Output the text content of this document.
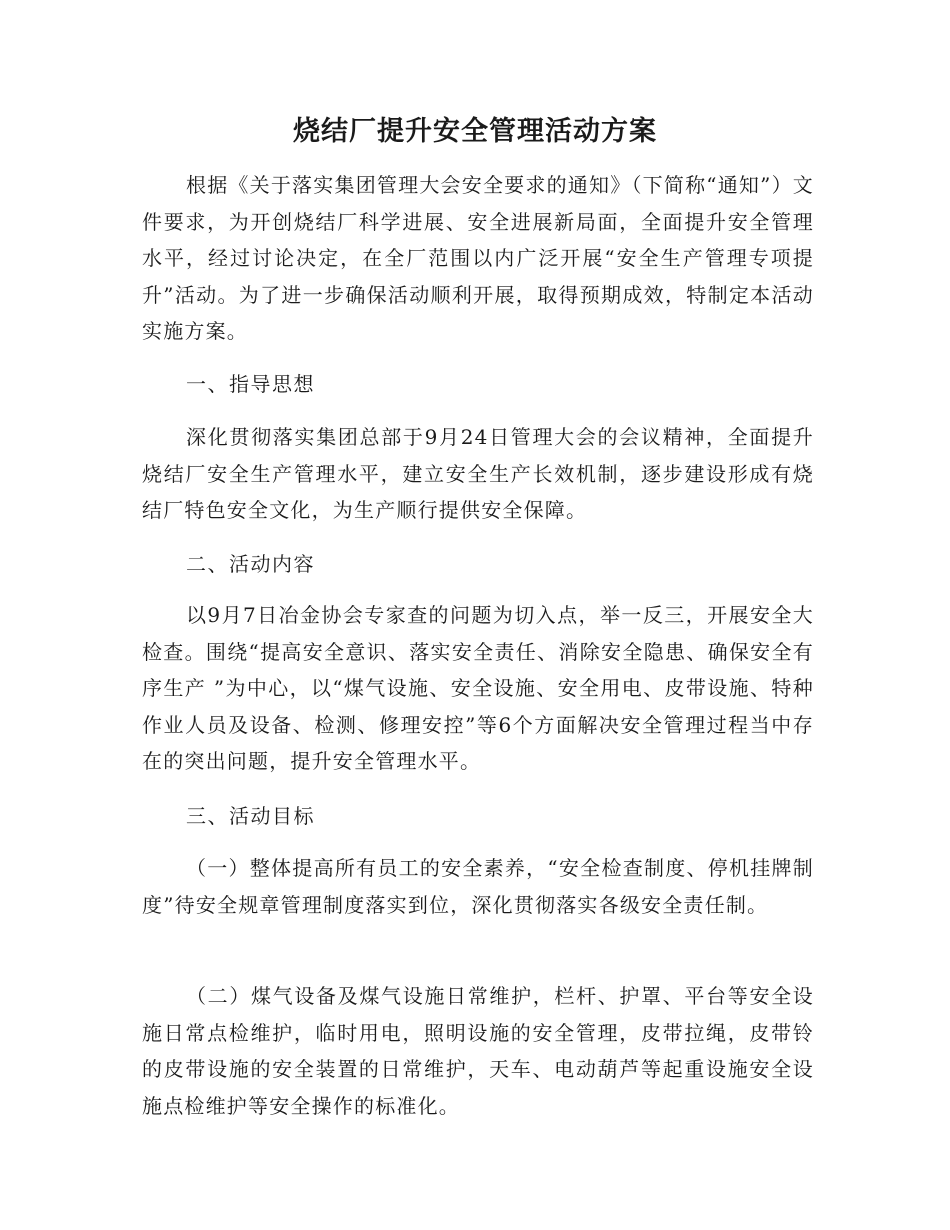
烧结厂提升安全管理活动方案

根据《关于落实集团管理大会安全要求的通知》（下简称“通知”）文件要求，为开创烧结厂科学进展、安全进展新局面，全面提升安全管理水平，经过讨论决定，在全厂范围以内广泛开展“安全生产管理专项提升”活动。为了进一步确保活动顺利开展，取得预期成效，特制定本活动实施方案。

一、指导思想

深化贯彻落实集团总部于9月24日管理大会的会议精神，全面提升烧结厂安全生产管理水平，建立安全生产长效机制，逐步建设形成有烧结厂特色安全文化，为生产顺行提供安全保障。

二、活动内容

以9月7日冶金协会专家查的问题为切入点，举一反三，开展安全大检查。围绕“提高安全意识、落实安全责任、消除安全隐患、确保安全有序生产 ”为中心，以“煤气设施、安全设施、安全用电、皮带设施、特种作业人员及设备、检测、修理安控”等6个方面解决安全管理过程当中存在的突出问题，提升安全管理水平。

三、活动目标

（一）整体提高所有员工的安全素养，“安全检查制度、停机挂牌制度”待安全规章管理制度落实到位，深化贯彻落实各级安全责任制。

（二）煤气设备及煤气设施日常维护，栏杆、护罩、平台等安全设施日常点检维护，临时用电，照明设施的安全管理，皮带拉绳，皮带铃的皮带设施的安全装置的日常维护，天车、电动葫芦等起重设施安全设施点检维护等安全操作的标准化。
